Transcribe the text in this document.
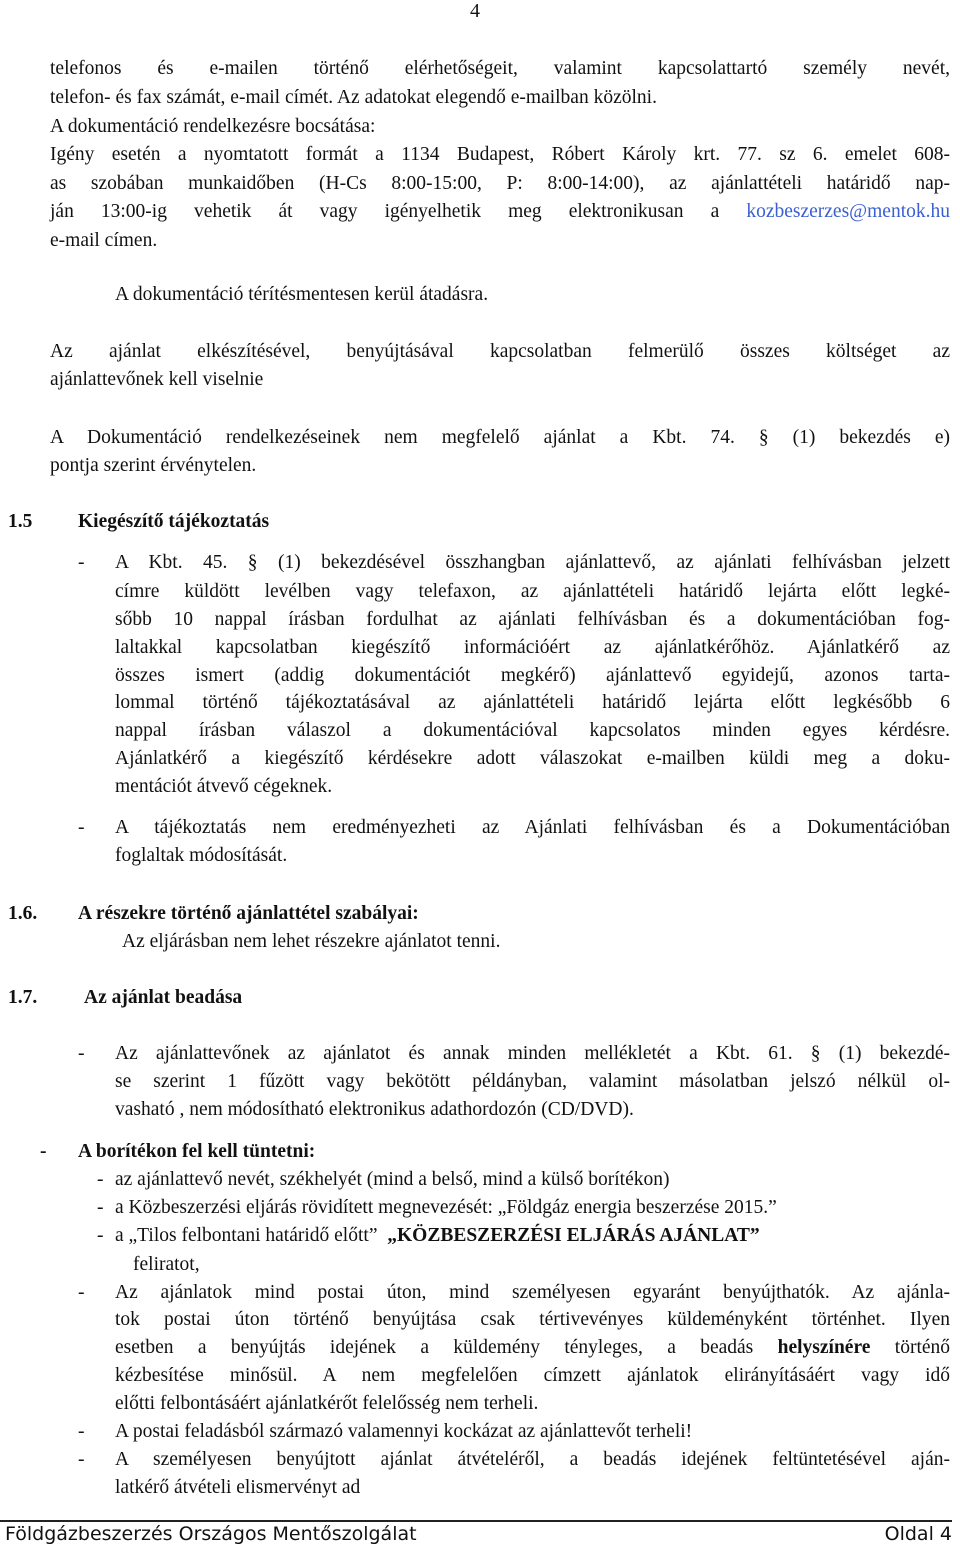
4
telefonos és e-mailen történő elérhetőségeit, valamint kapcsolattartó személy nevét,
telefon- és fax számát, e-mail címét. Az adatokat elegendő e-mailban közölni.
A dokumentáció rendelkezésre bocsátása:
Igény esetén a nyomtatott formát a 1134 Budapest, Róbert Károly krt. 77. sz 6. emelet 608-
as szobában munkaidőben (H-Cs 8:00-15:00, P: 8:00-14:00), az ajánlattételi határidő nap-
ján 13:00-ig vehetik át vagy igényelhetik meg elektronikusan a kozbeszerzes@mentok.hu
e-mail címen.
A dokumentáció térítésmentesen kerül átadásra.
Az ajánlat elkészítésével, benyújtásával kapcsolatban felmerülő összes költséget az
ajánlattevőnek kell viselnie
A Dokumentáció rendelkezéseinek nem megfelelő ajánlat a Kbt. 74. § (1) bekezdés e)
pontja szerint érvénytelen.
1.5 Kiegészítő tájékoztatás
- A Kbt. 45. § (1) bekezdésével összhangban ajánlattevő, az ajánlati felhívásban jelzett
címre küldött levélben vagy telefaxon, az ajánlattételi határidő lejárta előtt legké-
sőbb 10 nappal írásban fordulhat az ajánlati felhívásban és a dokumentációban fog-
laltakkal kapcsolatban kiegészítő információért az ajánlatkérőhöz. Ajánlatkérő az
összes ismert (addig dokumentációt megkérő) ajánlattevő egyidejű, azonos tarta-
lommal történő tájékoztatásával az ajánlattételi határidő lejárta előtt legkésőbb 6
nappal írásban válaszol a dokumentációval kapcsolatos minden egyes kérdésre.
Ajánlatkérő a kiegészítő kérdésekre adott válaszokat e-mailben küldi meg a doku-
mentációt átvevő cégeknek.
- A tájékoztatás nem eredményezheti az Ajánlati felhívásban és a Dokumentációban
foglaltak módosítását.
1.6. A részekre történő ajánlattétel szabályai:
Az eljárásban nem lehet részekre ajánlatot tenni.
1.7. Az ajánlat beadása
- Az ajánlattevőnek az ajánlatot és annak minden mellékletét a Kbt. 61. § (1) bekezdé-
se szerint 1 fűzött vagy bekötött példányban, valamint másolatban jelszó nélkül ol-
vasható , nem módosítható elektronikus adathordozón (CD/DVD).
- A borítékon fel kell tüntetni:
- az ajánlattevő nevét, székhelyét (mind a belső, mind a külső borítékon)
- a Közbeszerzési eljárás rövidített megnevezését: „Földgáz energia beszerzése 2015.”
- a „Tilos felbontani határidő előtt” „KÖZBESZERZÉSI ELJÁRÁS AJÁNLAT”
feliratot,
- Az ajánlatok mind postai úton, mind személyesen egyaránt benyújthatók. Az ajánla-
tok postai úton történő benyújtása csak tértivevényes küldeményként történhet. Ilyen
esetben a benyújtás idejének a küldemény tényleges, a beadás helyszínére történő
kézbesítése minősül. A nem megfelelően címzett ajánlatok elirányításáért vagy idő
előtti felbontásáért ajánlatkérőt felelősség nem terheli.
- A postai feladásból származó valamennyi kockázat az ajánlattevőt terheli!
- A személyesen benyújtott ajánlat átvételéről, a beadás idejének feltüntetésével aján-
latkérő átvételi elismervényt ad
Földgázbeszerzés Országos Mentőszolgálat	Oldal 4
